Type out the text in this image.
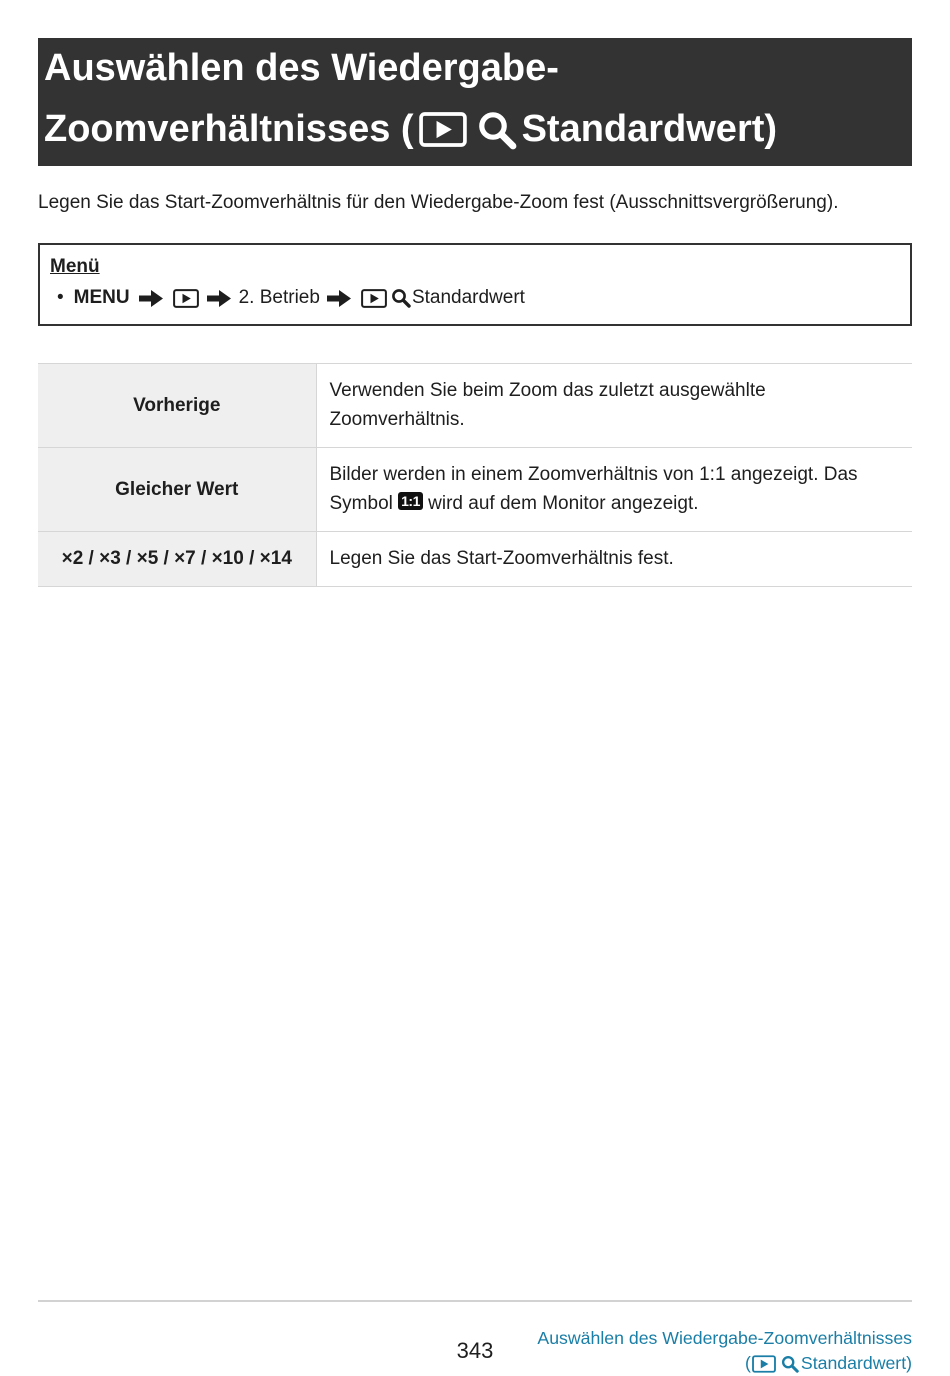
Auswählen des Wiedergabe-
Zoomverhältnisses (	Standardwert)

Legen Sie das Start-Zoomverhältnis für den Wiedergabe-Zoom fest (Ausschnittsvergrößerung).

Menü
• MENU	2. Betrieb	Standardwert
Vorherige	Verwenden Sie beim Zoom das zuletzt ausgewählte Zoomverhältnis.
Gleicher Wert	Bilder werden in einem Zoomverhältnis von 1:1 angezeigt. Das Symbol 1:1 wird auf dem Monitor angezeigt.
×2 / ×3 / ×5 / ×7 / ×10 / ×14	Legen Sie das Start-Zoomverhältnis fest.
343	Auswählen des Wiedergabe-Zoomverhältnisses
(	Standardwert)
